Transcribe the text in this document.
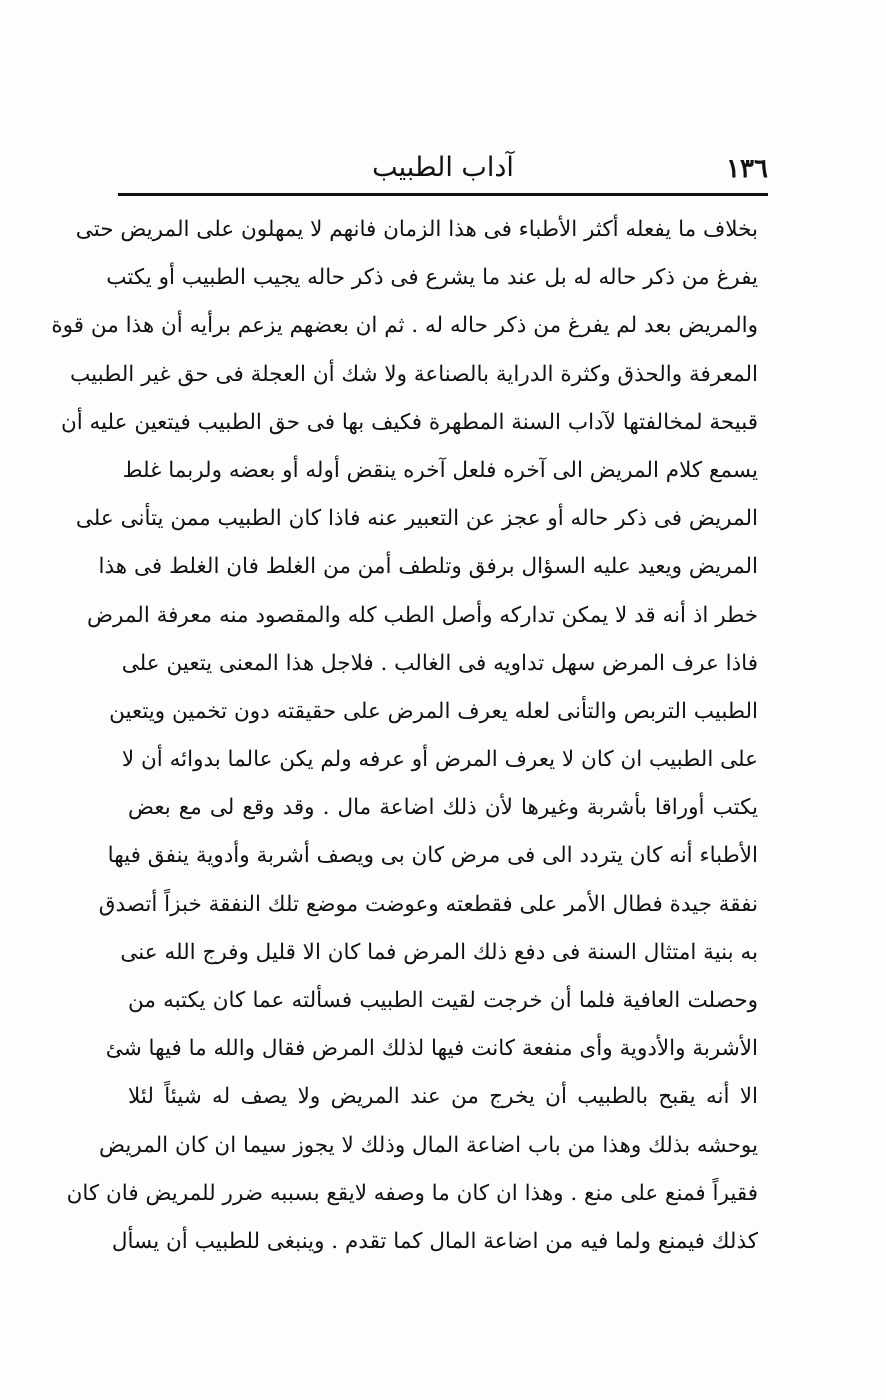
١٣٦
آداب الطبيب
بخلاف ما يفعله أكثر الأطباء فى هذا الزمان فانهم لا يمهلون على المريض حتى
يفرغ من ذكر حاله له بل عند ما يشرع فى ذكر حاله يجيب الطبيب أو يكتب
والمريض بعد لم يفرغ من ذكر حاله له . ثم ان بعضهم يزعم برأيه أن هذا من قوة
المعرفة والحذق وكثرة الدراية بالصناعة ولا شك أن العجلة فى حق غير الطبيب
قبيحة لمخالفتها لآداب السنة المطهرة فكيف بها فى حق الطبيب فيتعين عليه أن
يسمع كلام المريض الى آخره فلعل آخره ينقض أوله أو بعضه ولربما غلط
المريض فى ذكر حاله أو عجز عن التعبير عنه فاذا كان الطبيب ممن يتأنى على
المريض ويعيد عليه السؤال برفق وتلطف أمن من الغلط فان الغلط فى هذا
خطر اذ أنه قد لا يمكن تداركه وأصل الطب كله والمقصود منه معرفة المرض
فاذا عرف المرض سهل تداويه فى الغالب . فلاجل هذا المعنى يتعين على
الطبيب التربص والتأنى لعله يعرف المرض على حقيقته دون تخمين ويتعين
على الطبيب ان كان لا يعرف المرض أو عرفه ولم يكن عالما بدوائه أن لا
يكتب أوراقا بأشربة وغيرها لأن ذلك اضاعة مال . وقد وقع لى مع بعض
الأطباء أنه كان يتردد الى فى مرض كان بى ويصف أشربة وأدوية ينفق فيها
نفقة جيدة فطال الأمر على فقطعته وعوضت موضع تلك النفقة خبزاً أتصدق
به بنية امتثال السنة فى دفع ذلك المرض فما كان الا قليل وفرج الله عنى
وحصلت العافية فلما أن خرجت لقيت الطبيب فسألته عما كان يكتبه من
الأشربة والأدوية وأى منفعة كانت فيها لذلك المرض فقال والله ما فيها شئ
الا أنه يقبح بالطبيب أن يخرج من عند المريض ولا يصف له شيئاً لئلا
يوحشه بذلك وهذا من باب اضاعة المال وذلك لا يجوز سيما ان كان المريض
فقيراً فمنع على منع . وهذا ان كان ما وصفه لايقع بسببه ضرر للمريض فان كان
كذلك فيمنع ولما فيه من اضاعة المال كما تقدم . وينبغى للطبيب أن يسأل
